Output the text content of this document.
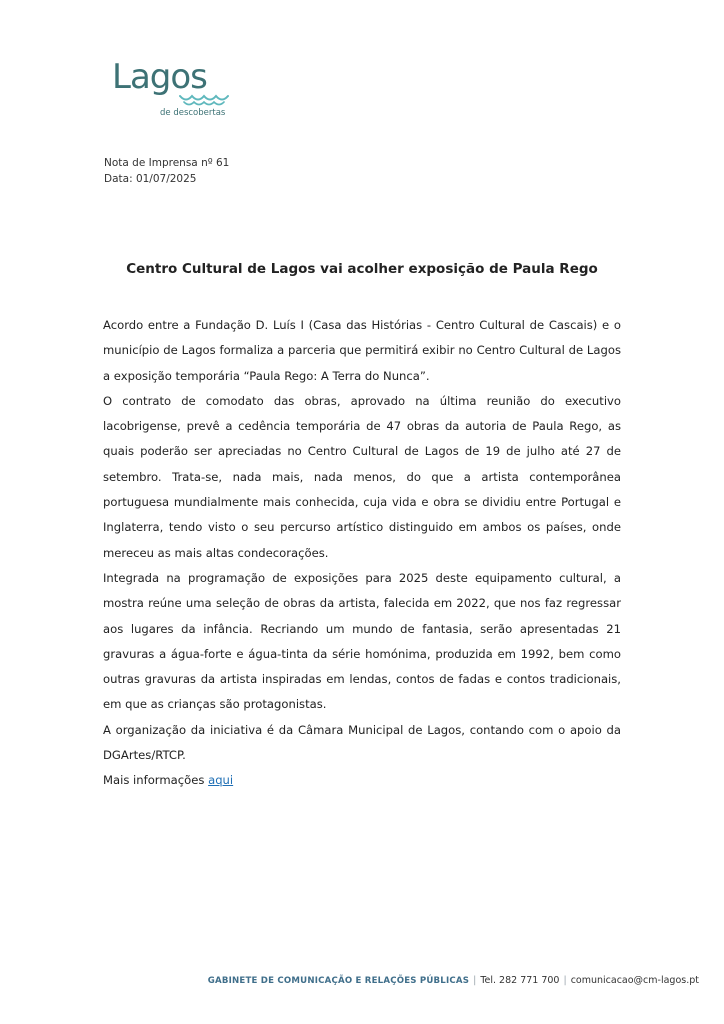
Lagos
de descobertas
Nota de Imprensa nº 61
Data: 01/07/2025
Centro Cultural de Lagos vai acolher exposição de Paula Rego

Acordo entre a Fundação D. Luís I (Casa das Histórias - Centro Cultural de Cascais) e o município de Lagos formaliza a parceria que permitirá exibir no Centro Cultural de Lagos a exposição temporária “Paula Rego: A Terra do Nunca”.

O contrato de comodato das obras, aprovado na última reunião do executivo lacobrigense, prevê a cedência temporária de 47 obras da autoria de Paula Rego, as quais poderão ser apreciadas no Centro Cultural de Lagos de 19 de julho até 27 de setembro. Trata-se, nada mais, nada menos, do que a artista contemporânea portuguesa mundialmente mais conhecida, cuja vida e obra se dividiu entre Portugal e Inglaterra, tendo visto o seu percurso artístico distinguido em ambos os países, onde mereceu as mais altas condecorações.

Integrada na programação de exposições para 2025 deste equipamento cultural, a mostra reúne uma seleção de obras da artista, falecida em 2022, que nos faz regressar aos lugares da infância. Recriando um mundo de fantasia, serão apresentadas 21 gravuras a água-forte e água-tinta da série homónima, produzida em 1992, bem como outras gravuras da artista inspiradas em lendas, contos de fadas e contos tradicionais, em que as crianças são protagonistas.

A organização da iniciativa é da Câmara Municipal de Lagos, contando com o apoio da DGArtes/RTCP.

Mais informações aqui

GABINETE DE COMUNICAÇÃO E RELAÇÕES PÚBLICAS | Tel. 282 771 700 | comunicacao@cm-lagos.pt
